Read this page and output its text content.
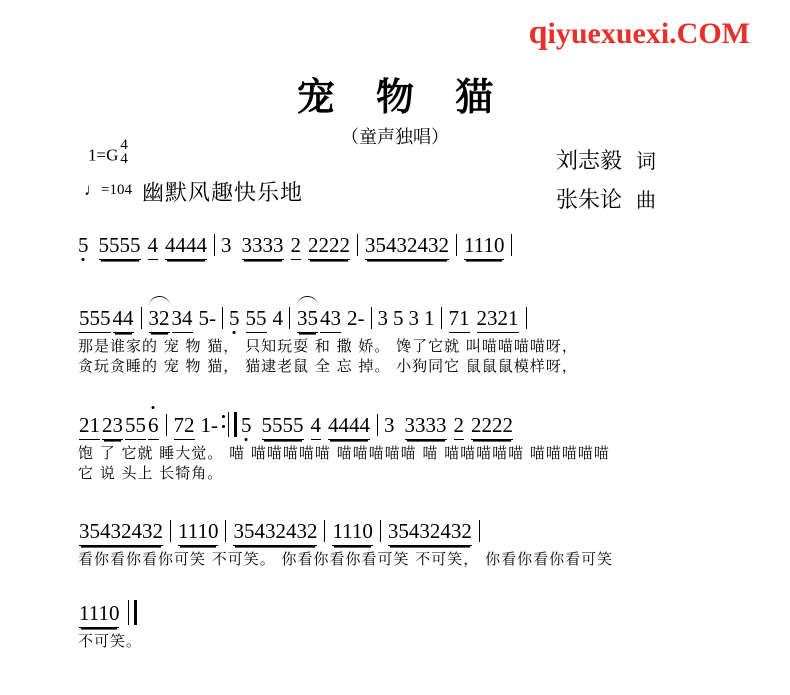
qiyuexuexi.COM
宠 物 猫
（童声独唱）
1=G
4
4
♩=104 幽默风趣快乐地
刘志毅 词
张朱论 曲
5 5555 4 4444 3 3333 2 2222 35432432 1110
55544 3234 5- 5 55 4 3543 2- 3 5 3 1 71 2321
那是谁家的 宠 物 猫， 只知玩耍 和 撒 娇。 馋了它就 叫喵喵喵喵呀，
贪玩贪睡的 宠 物 猫， 猫逮老鼠 全 忘 掉。 小狗同它 鼠鼠鼠模样呀，
2123556 72 1- 5 5555 4 4444 3 3333 2 2222
饱 了 它就 睡大觉。 喵 喵喵喵喵喵 喵喵喵喵喵 喵 喵喵喵喵喵 喵喵喵喵喵
它 说 头上 长犄角。
35432432 1110 35432432 1110 35432432
看你看你看你可笑 不可笑。 你看你看你看可笑 不可笑， 你看你看你看可笑
1110
不可笑。
